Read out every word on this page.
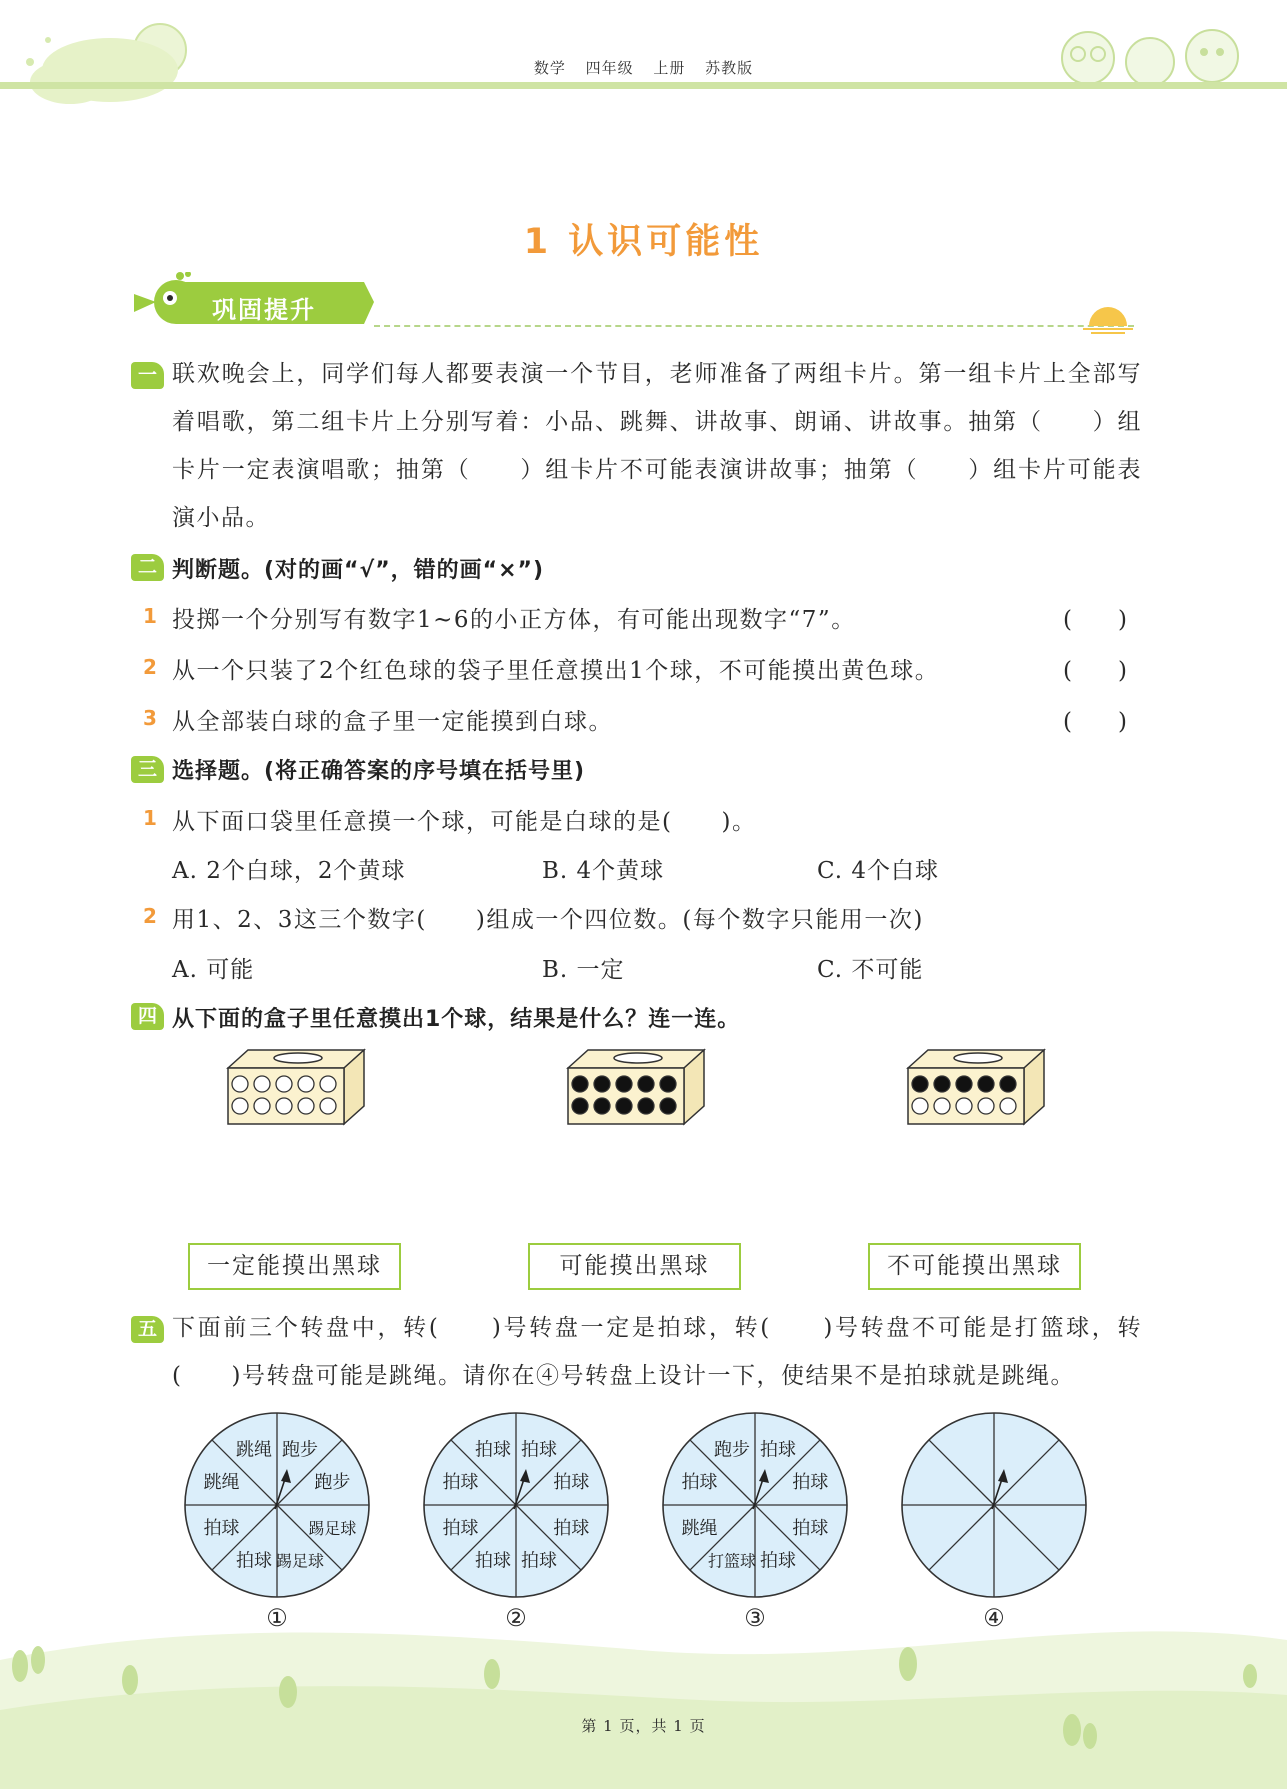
数学 四年级 上册 苏教版
1 认识可能性
巩固提升
一 联欢晚会上，同学们每人都要表演一个节目，老师准备了两组卡片。第一组卡片上全部写着唱歌，第二组卡片上分别写着：小品、跳舞、讲故事、朗诵、讲故事。抽第（　　）组卡片一定表演唱歌；抽第（　　）组卡片不可能表演讲故事；抽第（　　）组卡片可能表演小品。
二 判断题。(对的画“√”，错的画“×”)
1 投掷一个分别写有数字1~6的小正方体，有可能出现数字“7”。	(　　)
2 从一个只装了2个红色球的袋子里任意摸出1个球，不可能摸出黄色球。	(　　)
3 从全部装白球的盒子里一定能摸到白球。	(　　)
三 选择题。(将正确答案的序号填在括号里)
1 从下面口袋里任意摸一个球，可能是白球的是(　　)。
A. 2个白球，2个黄球	B. 4个黄球	C. 4个白球
2 用1、2、3这三个数字(　　)组成一个四位数。(每个数字只能用一次)
A. 可能	B. 一定	C. 不可能
四 从下面的盒子里任意摸出1个球，结果是什么？连一连。
一定能摸出黑球	可能摸出黑球	不可能摸出黑球
五 下面前三个转盘中，转(　　)号转盘一定是拍球，转(　　)号转盘不可能是打篮球，转(　　)号转盘可能是跳绳。请你在④号转盘上设计一下，使结果不是拍球就是跳绳。
跑步
跑步
踢足球
踢足球
拍球
拍球
跳绳
跳绳	拍球
拍球
拍球
拍球
拍球
拍球
拍球
拍球	拍球
拍球
拍球
拍球
打篮球
跳绳
拍球
跑步
①	②	③	④
第 1 页，共 1 页
